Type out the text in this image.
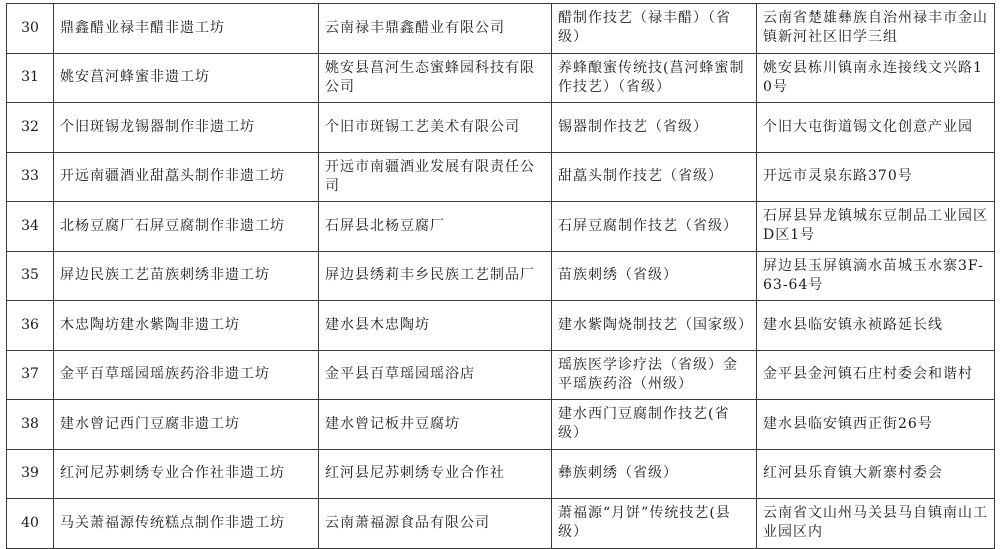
30	鼎鑫醋业禄丰醋非遗工坊	云南禄丰鼎鑫醋业有限公司	醋制作技艺（禄丰醋）（省级）	云南省楚雄彝族自治州禄丰市金山镇新河社区旧学三组
31	姚安菖河蜂蜜非遗工坊	姚安县菖河生态蜜蜂园科技有限公司	养蜂酿蜜传统技(菖河蜂蜜制作技艺）（省级）	姚安县栋川镇南永连接线文兴路10号
32	个旧斑锡龙锡器制作非遗工坊	个旧市斑锡工艺美术有限公司	锡器制作技艺（省级）	个旧大屯街道锡文化创意产业园
33	开远南疆酒业甜藠头制作非遗工坊	开远市南疆酒业发展有限责任公司	甜藠头制作技艺（省级）	开远市灵泉东路370号
34	北杨豆腐厂石屏豆腐制作非遗工坊	石屏县北杨豆腐厂	石屏豆腐制作技艺（省级）	石屏县异龙镇城东豆制品工业园区D区1号
35	屏边民族工艺苗族刺绣非遗工坊	屏边县绣莉丰乡民族工艺制品厂	苗族刺绣（省级）	屏边县玉屏镇滴水苗城玉水寨3F-63-64号
36	木忠陶坊建水紫陶非遗工坊	建水县木忠陶坊	建水紫陶烧制技艺（国家级）	建水县临安镇永祯路延长线
37	金平百草瑶园瑶族药浴非遗工坊	金平县百草瑶园瑶浴店	瑶族医学诊疗法（省级）金平瑶族药浴（州级）	金平县金河镇石庄村委会和谐村
38	建水曾记西门豆腐非遗工坊	建水曾记板井豆腐坊	建水西门豆腐制作技艺(省级）	建水县临安镇西正街26号
39	红河尼苏刺绣专业合作社非遗工坊	红河县尼苏刺绣专业合作社	彝族刺绣（省级）	红河县乐育镇大新寨村委会
40	马关萧福源传统糕点制作非遗工坊	云南萧福源食品有限公司	萧福源“月饼”传统技艺(县级）	云南省文山州马关县马自镇南山工业园区内
